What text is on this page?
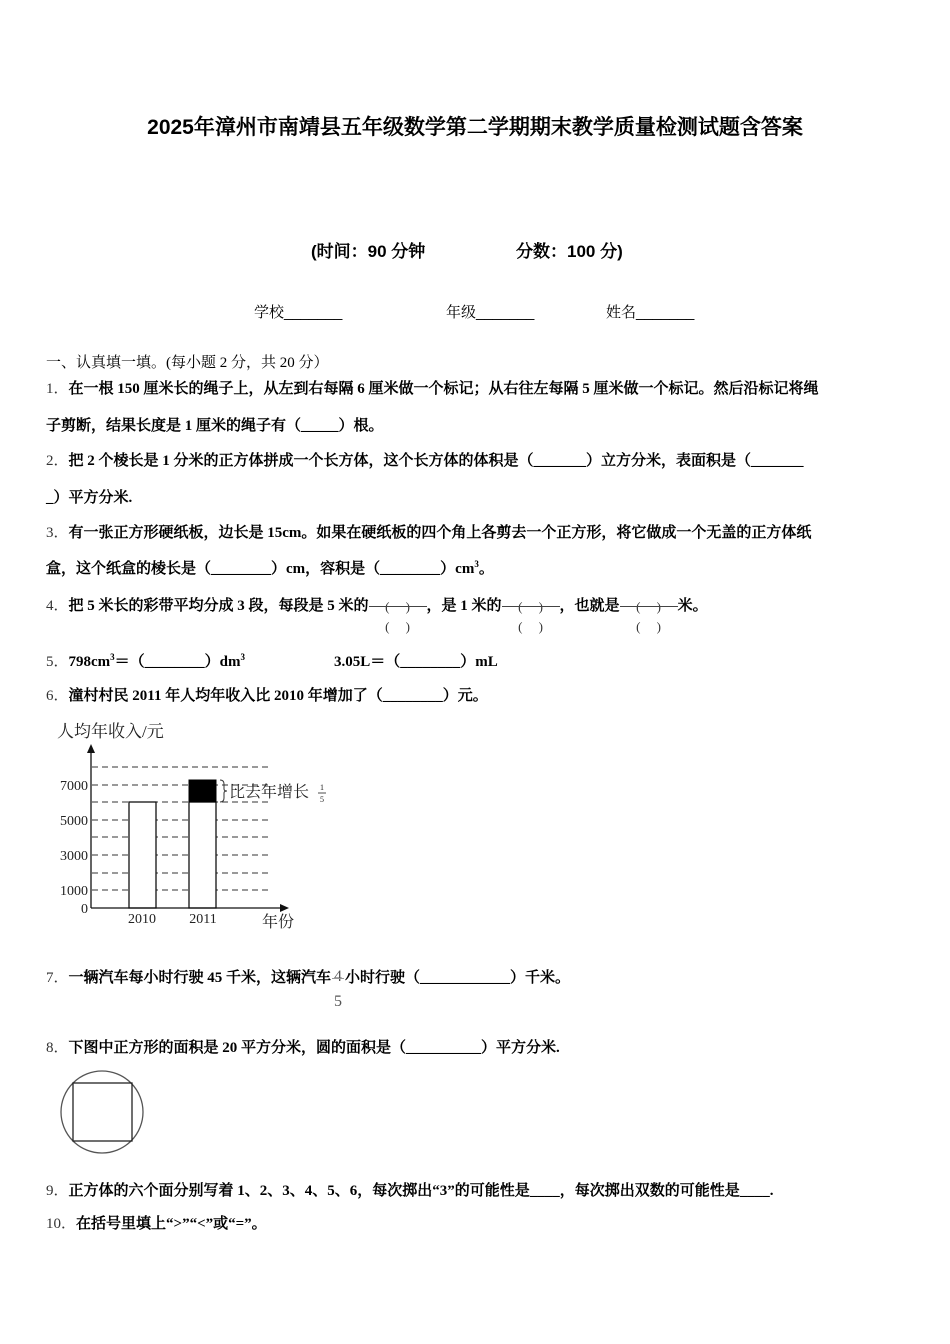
2025年漳州市南靖县五年级数学第二学期期末教学质量检测试题含答案
(时间：90 分钟	分数：100 分)
学校_______	年级_______	姓名_______
一、认真填一填。(每小题 2 分，共 20 分）
1．在一根 150 厘米长的绳子上，从左到右每隔 6 厘米做一个标记；从右往左每隔 5 厘米做一个标记。然后沿标记将绳
子剪断，结果长度是 1 厘米的绳子有（_____）根。
2．把 2 个棱长是 1 分米的正方体拼成一个长方体，这个长方体的体积是（_______）立方分米，表面积是（_______
_）平方分米.
3．有一张正方形硬纸板，边长是 15cm。如果在硬纸板的四个角上各剪去一个正方形，将它做成一个无盖的正方体纸
盒，这个纸盒的棱长是（________）cm，容积是$(\_\_\_\_\_\_\_\_)cm^3$。
4．把 5 米长的彩带平均分成 3 段，每段是 5 米的	(　 )
(　 )
，是 1 米的	(　 )
(　 )
，也就是	(　 )
(　 )
米。
5．$798cm^3=(\_\_\_\_\_\_\_\_)dm^3$	3.05L＝（________）mL
6．潼村村民 2011 年人均年收入比 2010 年增加了（________）元。
人均年收入/元
0
1000
3000
5000
7000
2010 2011	年份
比去年增长 1
5
7．一辆汽车每小时行驶 45 千米，这辆汽车 4
5
小时行驶（____________）千米。
8．下图中正方形的面积是 20 平方分米，圆的面积是（__________）平方分米.
9．正方体的六个面分别写着 1、2、3、4、5、6，每次掷出“3”的可能性是____，每次掷出双数的可能性是____.
10．在括号里填上“>”“<”或“=”。
